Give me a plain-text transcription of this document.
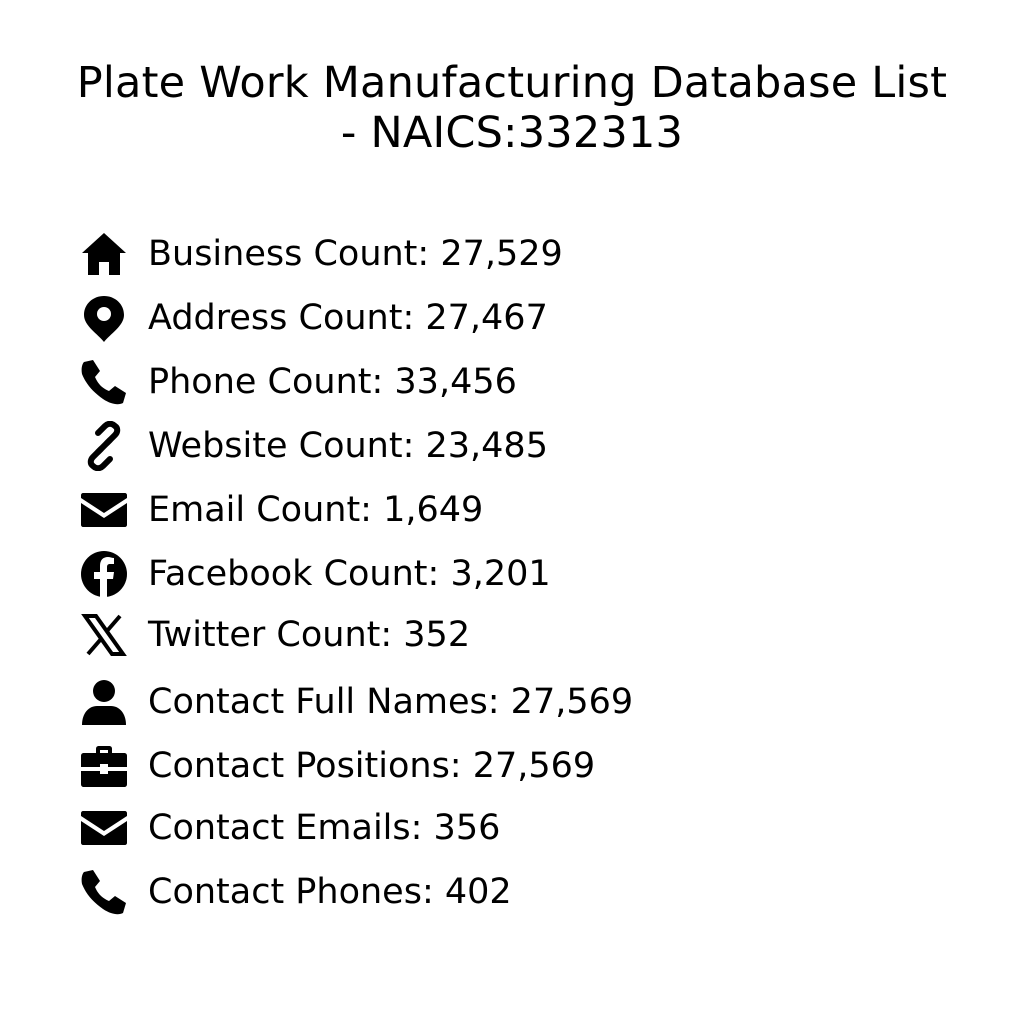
Plate Work Manufacturing Database List
- NAICS:332313
Business Count: 27,529
Address Count: 27,467
Phone Count: 33,456
Website Count: 23,485
Email Count: 1,649
Facebook Count: 3,201
Twitter Count: 352
Contact Full Names: 27,569
Contact Positions: 27,569
Contact Emails: 356
Contact Phones: 402
